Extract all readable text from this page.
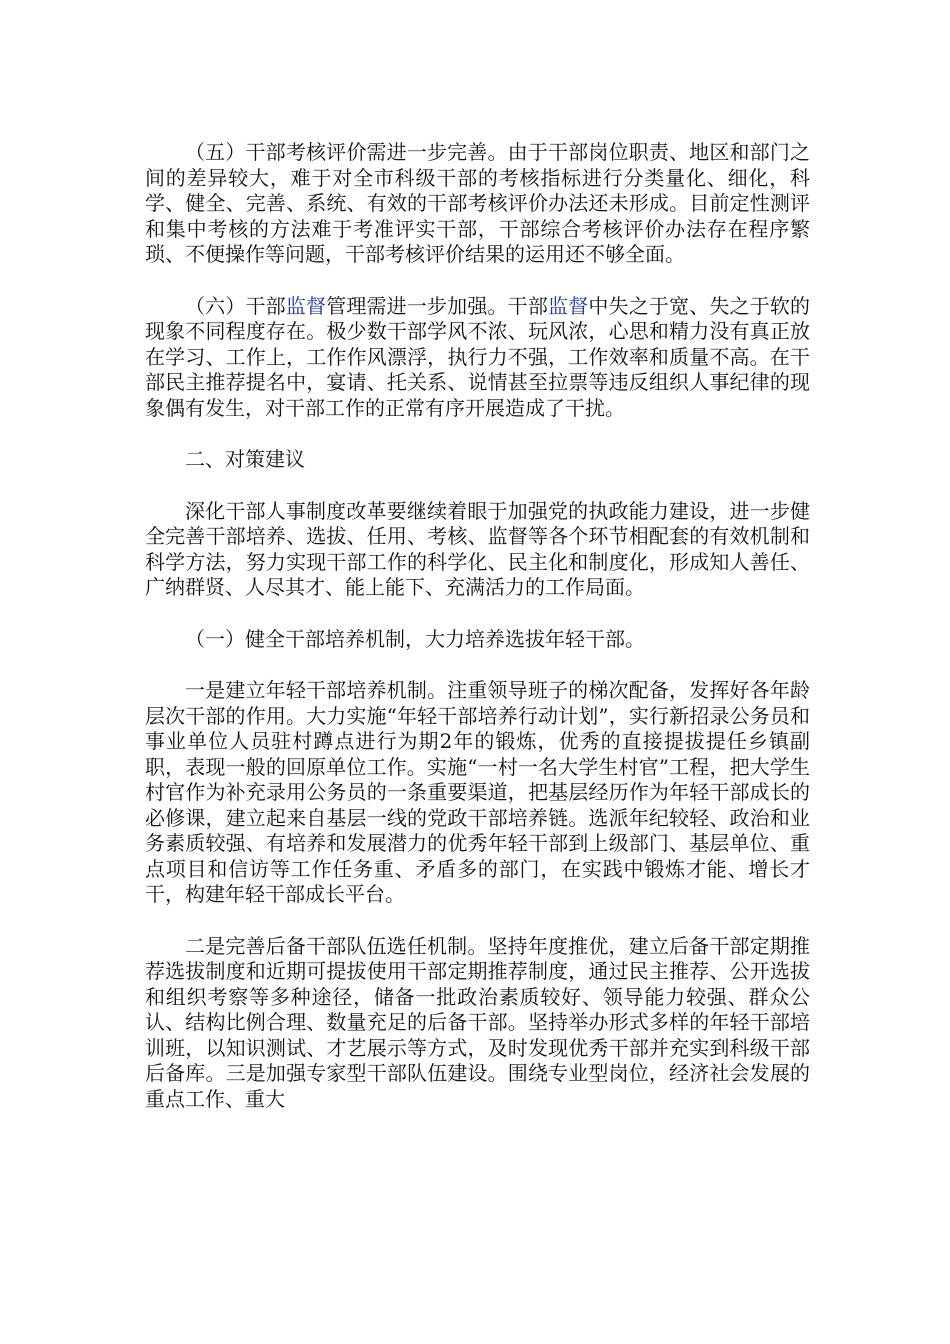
（五）干部考核评价需进一步完善。由于干部岗位职责、地区和部门之间的差异较大，难于对全市科级干部的考核指标进行分类量化、细化，科学、健全、完善、系统、有效的干部考核评价办法还未形成。目前定性测评和集中考核的方法难于考准评实干部，干部综合考核评价办法存在程序繁琐、不便操作等问题，干部考核评价结果的运用还不够全面。

（六）干部监督管理需进一步加强。干部监督中失之于宽、失之于软的现象不同程度存在。极少数干部学风不浓、玩风浓，心思和精力没有真正放在学习、工作上，工作作风漂浮，执行力不强，工作效率和质量不高。在干部民主推荐提名中，宴请、托关系、说情甚至拉票等违反组织人事纪律的现象偶有发生，对干部工作的正常有序开展造成了干扰。

二、对策建议

深化干部人事制度改革要继续着眼于加强党的执政能力建设，进一步健全完善干部培养、选拔、任用、考核、监督等各个环节相配套的有效机制和科学方法，努力实现干部工作的科学化、民主化和制度化，形成知人善任、广纳群贤、人尽其才、能上能下、充满活力的工作局面。

（一）健全干部培养机制，大力培养选拔年轻干部。

一是建立年轻干部培养机制。注重领导班子的梯次配备，发挥好各年龄层次干部的作用。大力实施“年轻干部培养行动计划”，实行新招录公务员和事业单位人员驻村蹲点进行为期2年的锻炼，优秀的直接提拔提任乡镇副职，表现一般的回原单位工作。实施“一村一名大学生村官”工程，把大学生村官作为补充录用公务员的一条重要渠道，把基层经历作为年轻干部成长的必修课，建立起来自基层一线的党政干部培养链。选派年纪较轻、政治和业务素质较强、有培养和发展潜力的优秀年轻干部到上级部门、基层单位、重点项目和信访等工作任务重、矛盾多的部门，在实践中锻炼才能、增长才干，构建年轻干部成长平台。

二是完善后备干部队伍选任机制。坚持年度推优，建立后备干部定期推荐选拔制度和近期可提拔使用干部定期推荐制度，通过民主推荐、公开选拔和组织考察等多种途径，储备一批政治素质较好、领导能力较强、群众公认、结构比例合理、数量充足的后备干部。坚持举办形式多样的年轻干部培训班，以知识测试、才艺展示等方式，及时发现优秀干部并充实到科级干部后备库。三是加强专家型干部队伍建设。围绕专业型岗位，经济社会发展的重点工作、重大
